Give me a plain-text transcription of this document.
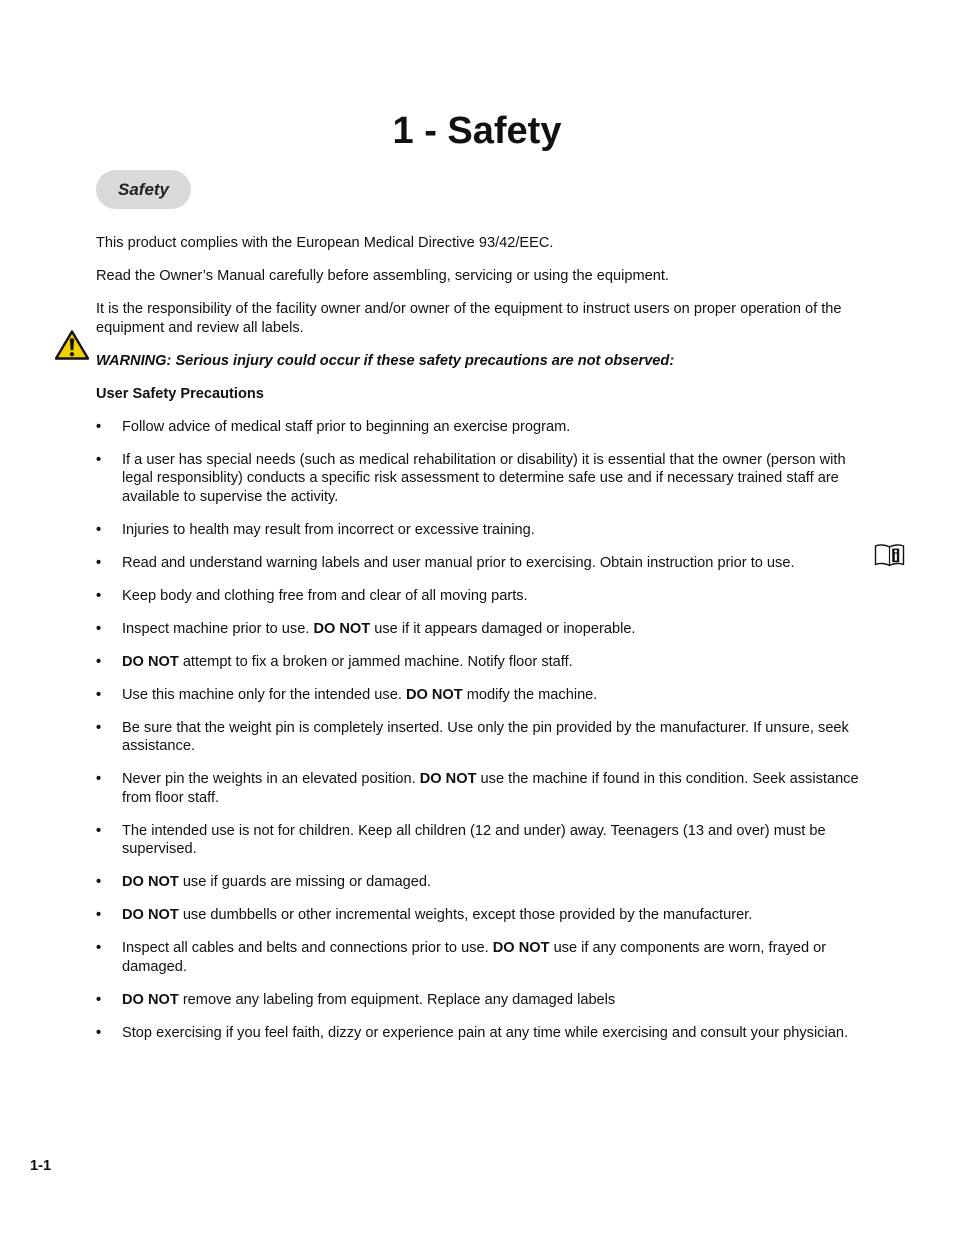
1 - Safety
Safety

This product complies with the European Medical Directive 93/42/EEC.

Read the Owner’s Manual carefully before assembling, servicing or using the equipment.

It is the responsibility of the facility owner and/or owner of the equipment to instruct users on proper operation of the equipment and review all labels.

WARNING: Serious injury could occur if these safety precautions are not observed:

User Safety Precautions

• Follow advice of medical staff prior to beginning an exercise program.
• If a user has special needs (such as medical rehabilitation or disability) it is essential that the owner (person with legal responsiblity) conducts a specific risk assessment to determine safe use and if necessary trained staff are available to supervise the activity.
• Injuries to health may result from incorrect or excessive training.
• Read and understand warning labels and user manual prior to exercising. Obtain instruction prior to use.
• Keep body and clothing free from and clear of all moving parts.
• Inspect machine prior to use. DO NOT use if it appears damaged or inoperable.
• DO NOT attempt to fix a broken or jammed machine. Notify floor staff.
• Use this machine only for the intended use. DO NOT modify the machine.
• Be sure that the weight pin is completely inserted. Use only the pin provided by the manufacturer. If unsure, seek assistance.
• Never pin the weights in an elevated position. DO NOT use the machine if found in this condition. Seek assistance from floor staff.
• The intended use is not for children. Keep all children (12 and under) away. Teenagers (13 and over) must be supervised.
• DO NOT use if guards are missing or damaged.
• DO NOT use dumbbells or other incremental weights, except those provided by the manufacturer.
• Inspect all cables and belts and connections prior to use. DO NOT use if any components are worn, frayed or damaged.
• DO NOT remove any labeling from equipment. Replace any damaged labels
• Stop exercising if you feel faith, dizzy or experience pain at any time while exercising and consult your physician.
1-1
